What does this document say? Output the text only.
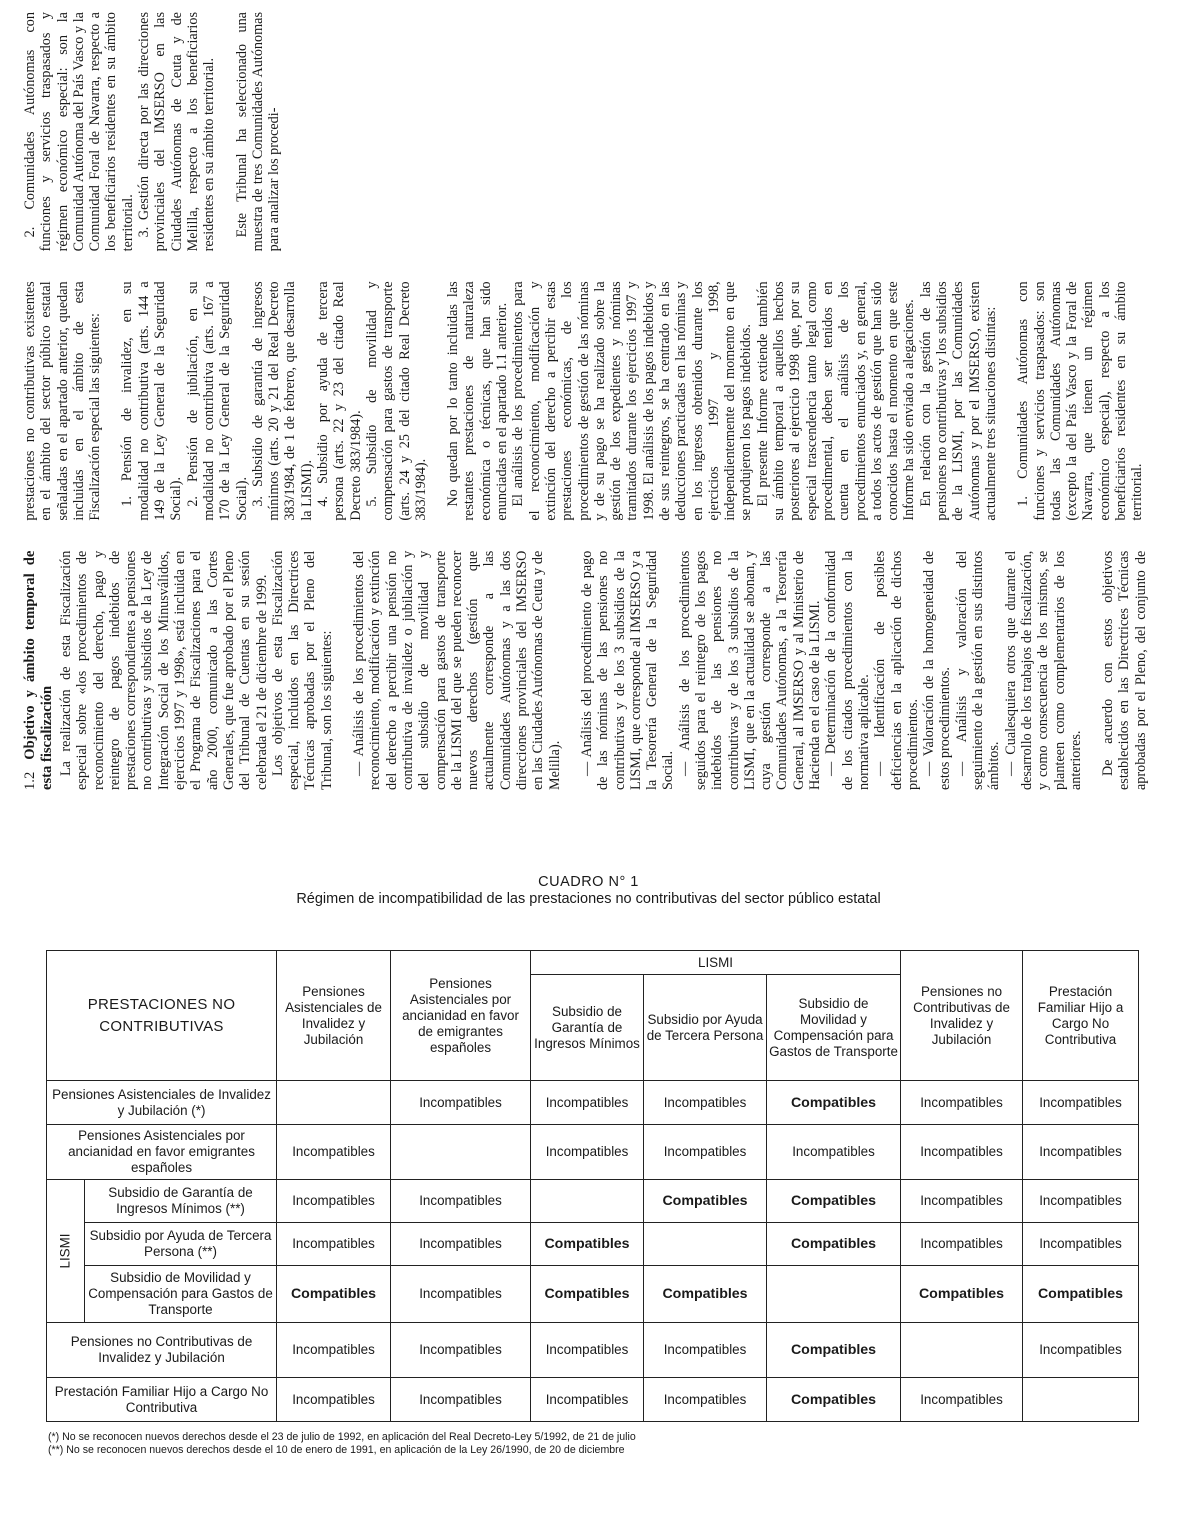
1.2Objetivo y ámbito temporal de esta fiscalización La realización de esta Fiscalización especial sobre «los procedimientos de reconocimiento del derecho, pago y reintegro de pagos indebidos de prestaciones correspondientes a pensiones no contributivas y subsidios de la Ley de Integración Social de los Minusválidos, ejercicios 1997 y 1998», está incluida en el Programa de Fiscalizaciones para el año 2000, comunicado a las Cortes Generales, que fue aprobado por el Pleno del Tribunal de Cuentas en su sesión celebrada el 21 de diciembre de 1999. Los objetivos de esta Fiscalización especial, incluidos en las Directrices Técnicas aprobadas por el Pleno del Tribunal, son los siguientes: — Análisis de los procedimientos del reconocimiento, modificación y extinción del derecho a percibir una pensión no contributiva de invalidez o jubilación y del subsidio de movilidad y compensación para gastos de transporte de la LISMI del que se pueden reconocer nuevos derechos (gestión que actualmente corresponde a las Comunidades Autónomas y a las dos direcciones provinciales del IMSERSO en las Ciudades Autónomas de Ceuta y de Melilla). — Análisis del procedimiento de pago de las nóminas de las pensiones no contributivas y de los 3 subsidios de la LISMI, que corresponde al IMSERSO y a la Tesorería General de la Seguridad Social. — Análisis de los procedimientos seguidos para el reintegro de los pagos indebidos de las pensiones no contributivas y de los 3 subsidios de la LISMI, que en la actualidad se abonan, y cuya gestión corresponde a las Comunidades Autónomas, a la Tesorería General, al IMSERSO y al Ministerio de Hacienda en el caso de la LISMI. — Determinación de la conformidad de los citados procedimientos con la normativa aplicable. — Identificación de posibles deficiencias en la aplicación de dichos procedimientos. — Valoración de la homogeneidad de estos procedimientos. — Análisis y valoración del seguimiento de la gestión en sus distintos ámbitos. — Cualesquiera otros que durante el desarrollo de los trabajos de fiscalización, y como consecuencia de los mismos, se planteen como complementarios de los anteriores.	De acuerdo con estos objetivos establecidos en las Directrices Técnicas aprobadas por el Pleno, del conjunto de prestaciones no contributivas existentes en el ámbito del sector público estatal señaladas en el apartado anterior, quedan incluidas en el ámbito de esta Fiscalización especial las siguientes:	1. Pensión de invalidez, en su modalidad no contributiva (arts. 144 a 149 de la Ley General de la Seguridad Social). 2. Pensión de jubilación, en su modalidad no contributiva (arts. 167 a 170 de la Ley General de la Seguridad Social). 3. Subsidio de garantía de ingresos mínimos (arts. 20 y 21 del Real Decreto 383/1984, de 1 de febrero, que desarrolla la LISMI). 4. Subsidio por ayuda de tercera persona (arts. 22 y 23 del citado Real Decreto 383/1984). 5. Subsidio de movilidad y compensación para gastos de transporte (arts. 24 y 25 del citado Real Decreto 383/1984). No quedan por lo tanto incluidas las restantes prestaciones de naturaleza económica o técnicas, que han sido enunciadas en el apartado 1.1 anterior. El análisis de los procedimientos para el reconocimiento, modificación y extinción del derecho a percibir estas prestaciones económicas, de los procedimientos de gestión de las nóminas y de su pago se ha realizado sobre la gestión de los expedientes y nóminas tramitados durante los ejercicios 1997 y 1998. El análisis de los pagos indebidos y de sus reintegros, se ha centrado en las deducciones practicadas en las nóminas y en los ingresos obtenidos durante los ejercicios 1997 y 1998, independientemente del momento en que se produjeron los pagos indebidos. El presente Informe extiende también su ámbito temporal a aquellos hechos posteriores al ejercicio 1998 que, por su especial trascendencia tanto legal como procedimental, deben ser tenidos en cuenta en el análisis de los procedimientos enunciados y, en general, a todos los actos de gestión que han sido conocidos hasta el momento en que este Informe ha sido enviado a alegaciones. En relación con la gestión de las pensiones no contributivas y los subsidios de la LISMI, por las Comunidades Autónomas y por el IMSERSO, existen actualmente tres situaciones distintas: 1. Comunidades Autónomas con funciones y servicios traspasados: son todas las Comunidades Autónomas (excepto la del País Vasco y la Foral de Navarra, que tienen un régimen económico especial), respecto a los beneficiarios residentes en su ámbito territorial.

2. Comunidades Autónomas con funciones y servicios traspasados y régimen económico especial: son la Comunidad Autónoma del País Vasco y la Comunidad Foral de Navarra, respecto a los beneficiarios residentes en su ámbito territorial. 3. Gestión directa por las direcciones provinciales del IMSERSO en las Ciudades Autónomas de Ceuta y de Melilla, respecto a los beneficiarios residentes en su ámbito territorial. Este Tribunal ha seleccionado una muestra de tres Comunidades Autónomas para analizar los procedi-

CUADRO N° 1
Régimen de incompatibilidad de las prestaciones no contributivas del sector público estatal
PRESTACIONES NO CONTRIBUTIVAS		Pensiones Asistenciales de Invalidez y Jubilación	Pensiones Asistenciales por ancianidad en favor de emigrantes españoles	LISMI			Pensiones no Contributivas de Invalidez y Jubilación	Prestación Familiar Hijo a Cargo No Contributiva
				Subsidio de Garantía de Ingresos Mínimos	Subsidio por Ayuda de Tercera Persona	Subsidio de Movilidad y Compensación para Gastos de Transporte		
Pensiones Asistenciales de Invalidez y Jubilación (*)			Incompatibles	Incompatibles	Incompatibles	Compatibles	Incompatibles	Incompatibles
Pensiones Asistenciales por ancianidad en favor emigrantes españoles		Incompatibles		Incompatibles	Incompatibles	Incompatibles	Incompatibles	Incompatibles
LISMI	Subsidio de Garantía de Ingresos Mínimos (**)	Incompatibles	Incompatibles		Compatibles	Compatibles	Incompatibles	Incompatibles
	Subsidio por Ayuda de Tercera Persona (**)	Incompatibles	Incompatibles	Compatibles		Compatibles	Incompatibles	Incompatibles
	Subsidio de Movilidad y Compensación para Gastos de Transporte	Compatibles	Incompatibles	Compatibles	Compatibles		Compatibles	Compatibles
Pensiones no Contributivas de Invalidez y Jubilación		Incompatibles	Incompatibles	Incompatibles	Incompatibles	Compatibles		Incompatibles
Prestación Familiar Hijo a Cargo No Contributiva		Incompatibles	Incompatibles	Incompatibles	Incompatibles	Compatibles	Incompatibles	
(*) No se reconocen nuevos derechos desde el 23 de julio de 1992, en aplicación del Real Decreto-Ley 5/1992, de 21 de julio
(**) No se reconocen nuevos derechos desde el 10 de enero de 1991, en aplicación de la Ley 26/1990, de 20 de diciembre
